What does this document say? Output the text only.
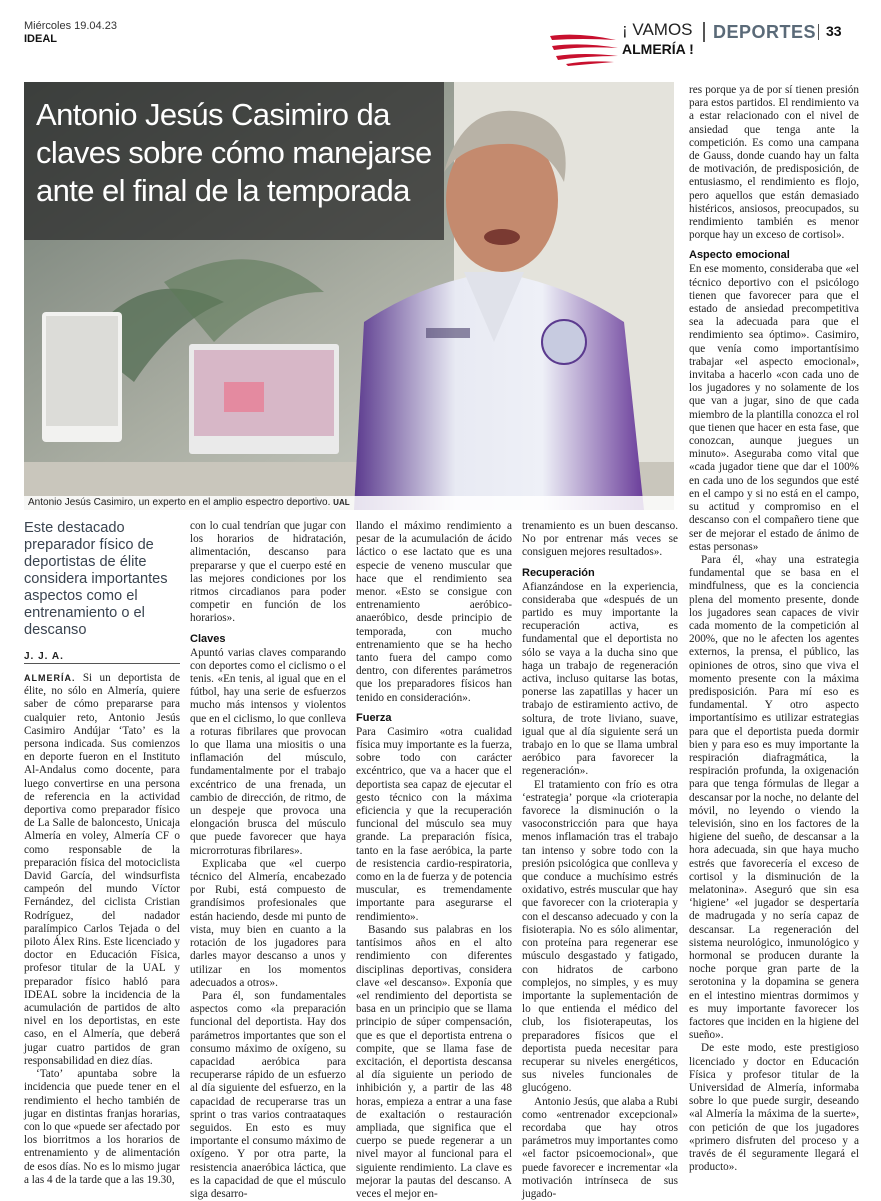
Miércoles 19.04.23
IDEAL	¡ VAMOS
ALMERÍA !
DEPORTES 33
Antonio Jesús Casimiro da claves sobre cómo manejarse ante el final de la temporada
Antonio Jesús Casimiro, un experto en el amplio espectro deportivo. UAL
Este destacado preparador físico de deportistas de élite considera importantes aspectos como el entrenamiento o el descanso
J. J. A.

ALMERÍA. Si un deportista de élite, no sólo en Almería, quiere saber de cómo prepararse para cualquier reto, Antonio Jesús Casimiro Andújar ‘Tato’ es la persona indicada. Sus comienzos en deporte fueron en el Instituto Al-Andalus como docente, para luego convertirse en una persona de referencia en la actividad deportiva como preparador físico de La Salle de baloncesto, Unicaja Almería en voley, Almería CF o como responsable de la preparación física del motociclista David García, del windsurfista campeón del mundo Víctor Fernández, del ciclista Cristian Rodríguez, del nadador paralímpico Carlos Tejada o del piloto Álex Rins. Este licenciado y doctor en Educación Física, profesor titular de la UAL y preparador físico habló para IDEAL sobre la incidencia de la acumulación de partidos de alto nivel en los deportistas, en este caso, en el Almería, que deberá jugar cuatro partidos de gran responsabilidad en diez días.

‘Tato’ apuntaba sobre la incidencia que puede tener en el rendimiento el hecho también de jugar en distintas franjas horarias, con lo que «puede ser afectado por los biorritmos a los horarios de entrenamiento y de alimentación de esos días. No es lo mismo jugar a las 4 de la tarde que a las 19.30,

con lo cual tendrían que jugar con los horarios de hidratación, alimentación, descanso para prepararse y que el cuerpo esté en las mejores condiciones por los ritmos circadianos para poder competir en función de los horarios».

Claves

Apuntó varias claves comparando con deportes como el ciclismo o el tenis. «En tenis, al igual que en el fútbol, hay una serie de esfuerzos mucho más intensos y violentos que en el ciclismo, lo que conlleva a roturas fibrilares que provocan lo que llama una miositis o una inflamación del músculo, fundamentalmente por el trabajo excéntrico de una frenada, un cambio de dirección, de ritmo, de un despeje que provoca una elongación brusca del músculo que puede favorecer que haya microrroturas fibrilares».

Explicaba que «el cuerpo técnico del Almería, encabezado por Rubi, está compuesto de grandísimos profesionales que están haciendo, desde mi punto de vista, muy bien en cuanto a la rotación de los jugadores para darles mayor descanso a unos y utilizar en los momentos adecuados a otros».

Para él, son fundamentales aspectos como «la preparación funcional del deportista. Hay dos parámetros importantes que son el consumo máximo de oxígeno, su capacidad aeróbica para recuperarse rápido de un esfuerzo al día siguiente del esfuerzo, en la capacidad de recuperarse tras un sprint o tras varios contraataques seguidos. En esto es muy importante el consumo máximo de oxígeno. Y por otra parte, la resistencia anaeróbica láctica, que es la capacidad de que el músculo siga desarro-

llando el máximo rendimiento a pesar de la acumulación de ácido láctico o ese lactato que es una especie de veneno muscular que hace que el rendimiento sea menor. «Esto se consigue con entrenamiento aeróbico-anaeróbico, desde principio de temporada, con mucho entrenamiento que se ha hecho tanto fuera del campo como dentro, con diferentes parámetros que los preparadores físicos han tenido en consideración».

Fuerza

Para Casimiro «otra cualidad física muy importante es la fuerza, sobre todo con carácter excéntrico, que va a hacer que el deportista sea capaz de ejecutar el gesto técnico con la máxima eficiencia y que la recuperación funcional del músculo sea muy grande. La preparación física, tanto en la fase aeróbica, la parte de resistencia cardio-respiratoria, como en la de fuerza y de potencia muscular, es tremendamente importante para asegurarse el rendimiento».

Basando sus palabras en los tantísimos años en el alto rendimiento con diferentes disciplinas deportivas, considera clave «el descanso». Exponía que «el rendimiento del deportista se basa en un principio que se llama principio de súper compensación, que es que el deportista entrena o compite, que se llama fase de excitación, el deportista descansa al día siguiente un periodo de inhibición y, a partir de las 48 horas, empieza a entrar a una fase de exaltación o restauración ampliada, que significa que el cuerpo se puede regenerar a un nivel mayor al funcional para el siguiente rendimiento. La clave es mejorar la pautas del descanso. A veces el mejor en-

trenamiento es un buen descanso. No por entrenar más veces se consiguen mejores resultados».

Recuperación

Afianzándose en la experiencia, consideraba que «después de un partido es muy importante la recuperación activa, es fundamental que el deportista no sólo se vaya a la ducha sino que haga un trabajo de regeneración activa, incluso quitarse las botas, ponerse las zapatillas y hacer un trabajo de estiramiento activo, de soltura, de trote liviano, suave, igual que al día siguiente será un trabajo en lo que se llama umbral aeróbico para favorecer la regeneración».

El tratamiento con frío es otra ‘estrategia’ porque «la crioterapia favorece la disminución o la vasoconstricción para que haya menos inflamación tras el trabajo tan intenso y sobre todo con la presión psicológica que conlleva y que conduce a muchísimo estrés oxidativo, estrés muscular que hay que favorecer con la crioterapia y con el descanso adecuado y con la fisioterapia. No es sólo alimentar, con proteína para regenerar ese músculo desgastado y fatigado, con hidratos de carbono complejos, no simples, y es muy importante la suplementación de lo que entienda el médico del club, los fisioterapeutas, los preparadores físicos que el deportista pueda necesitar para recuperar su niveles energéticos, sus niveles funcionales de glucógeno.

Antonio Jesús, que alaba a Rubi como «entrenador excepcional» recordaba que hay otros parámetros muy importantes como «el factor psicoemocional», que puede favorecer e incrementar «la motivación intrínseca de sus jugado-

res porque ya de por sí tienen presión para estos partidos. El rendimiento va a estar relacionado con el nivel de ansiedad que tenga ante la competición. Es como una campana de Gauss, donde cuando hay un falta de motivación, de predisposición, de entusiasmo, el rendimiento es flojo, pero aquellos que están demasiado histéricos, ansiosos, preocupados, su rendimiento también es menor porque hay un exceso de cortisol».

Aspecto emocional

En ese momento, consideraba que «el técnico deportivo con el psicólogo tienen que favorecer para que el estado de ansiedad precompetitiva sea la adecuada para que el rendimiento sea óptimo». Casimiro, que venía como importantísimo trabajar «el aspecto emocional», invitaba a hacerlo «con cada uno de los jugadores y no solamente de los que van a jugar, sino de que cada miembro de la plantilla conozca el rol que tienen que hacer en esta fase, que conozcan, aunque juegues un minuto». Aseguraba como vital que «cada jugador tiene que dar el 100% en cada uno de los segundos que esté en el campo y si no está en el campo, su actitud y compromiso en el descanso con el compañero tiene que ser de mejorar el estado de ánimo de estas personas»

Para él, «hay una estrategia fundamental que se basa en el mindfulness, que es la conciencia plena del momento presente, donde los jugadores sean capaces de vivir cada momento de la competición al 200%, que no le afecten los agentes externos, la prensa, el público, las opiniones de otros, sino que viva el momento presente con la máxima predisposición. Para mí eso es fundamental. Y otro aspecto importantísimo es utilizar estrategias para que el deportista pueda dormir bien y para eso es muy importante la respiración diafragmática, la respiración profunda, la oxigenación para que tenga fórmulas de llegar a descansar por la noche, no delante del móvil, no leyendo o viendo la televisión, sino en los factores de la higiene del sueño, de descansar a la hora adecuada, sin que haya mucho estrés que favorecería el exceso de cortisol y la disminución de la melatonina». Aseguró que sin esa ‘higiene’ «el jugador se despertaría de madrugada y no sería capaz de descansar. La regeneración del sistema neurológico, inmunológico y hormonal se producen durante la noche porque gran parte de la serotonina y la dopamina se genera en el intestino mientras dormimos y es muy importante favorecer los factores que inciden en la higiene del sueño».

De este modo, este prestigioso licenciado y doctor en Educación Física y profesor titular de la Universidad de Almería, informaba sobre lo que puede surgir, deseando «al Almería la máxima de la suerte», con petición de que los jugadores «primero disfruten del proceso y a través de él seguramente llegará el producto».
